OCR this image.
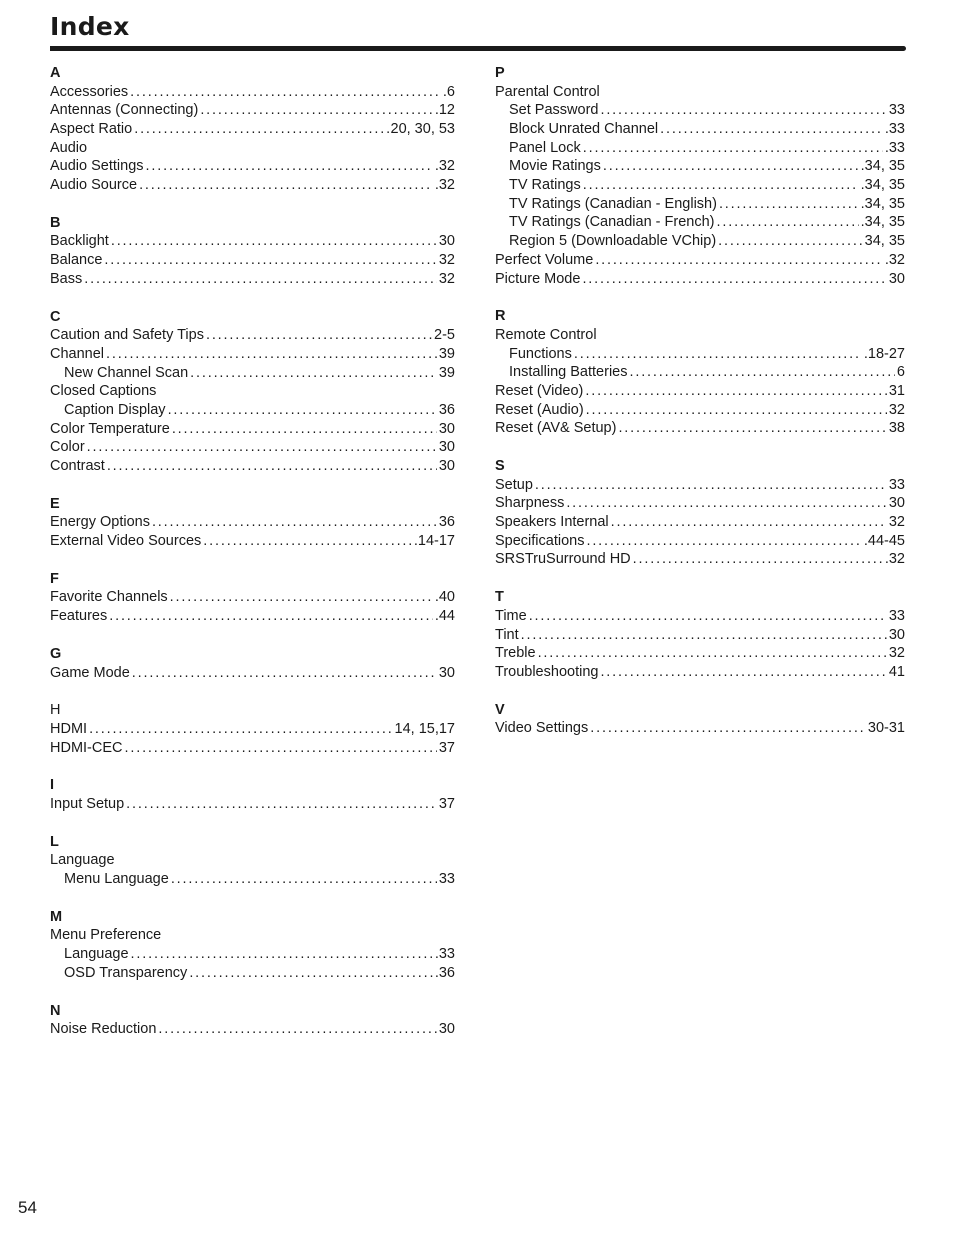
Index
A
Accessories . . .	.6
Antennas (Connecting) . . .	.12
Aspect Ratio . . .	20, 30, 53
Audio
Audio Settings . . .	.32
Audio Source . . .	.32
B
Backlight . . .	30
Balance . . .	32
Bass . . .	32
C
Caution and Safety Tips . . .	2-5
Channel . . .	39
New Channel Scan . . .	39
Closed Captions
Caption Display . . .	36
Color Temperature . . .	30
Color . . .	30
Contrast . . .	30
E
Energy Options . . .	36
External Video Sources . . .	.14-17
F
Favorite Channels . . .	.40
Features . . .	.44
G
Game Mode . . .	30
H
HDMI . . .	14, 15,17
HDMI-CEC . . .	37
I
Input Setup . . .	37
L
Language
Menu Language . . .	33
M
Menu Preference
Language . . .	.33
OSD Transparency . . .	.36
N
Noise Reduction . . .	30
P
Parental Control
Set Password . . .	33
Block Unrated Channel . . .	.33
Panel Lock . . .	.33
Movie Ratings . . .	.34, 35
TV Ratings . . .	.34, 35
TV Ratings (Canadian - English) . . .	.34, 35
TV Ratings (Canadian - French) . . .	.34, 35
Region 5 (Downloadable VChip) . . .	34, 35
Perfect Volume . . .	.32
Picture Mode . . .	30
R
Remote Control
Functions . . .	.18-27
Installing Batteries . . .	6
Reset (Video) . . .	31
Reset (Audio) . . .	32
Reset (AV& Setup) . . .	38
S
Setup . . .	33
Sharpness . . .	30
Speakers Internal . . .	32
Specifications . . .	.44-45
SRSTruSurround HD . . .	.32
T
Time . . .	33
Tint . . .	30
Treble . . .	32
Troubleshooting . . .	41
V
Video Settings . . .	30-31
54
